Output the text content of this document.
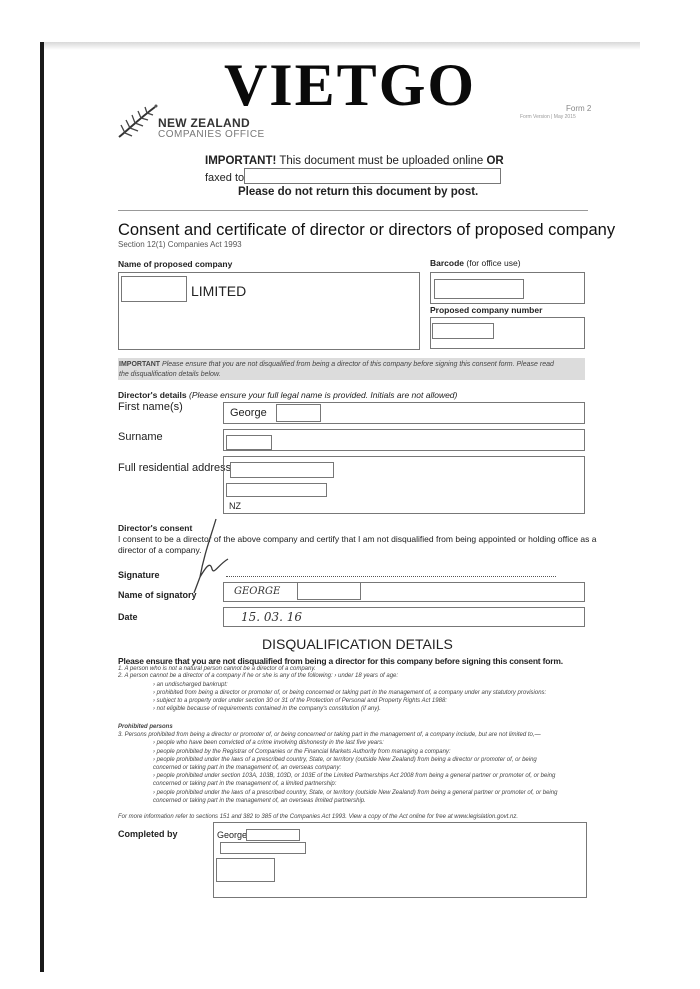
VIETGO
NEW ZEALAND
COMPANIES OFFICE
Form 2
Form Version | May 2015
IMPORTANT! This document must be uploaded online OR
faxed to
Please do not return this document by post.
Consent and certificate of director or directors of proposed company
Section 12(1) Companies Act 1993
Name of proposed company
LIMITED
Barcode (for office use)
Proposed company number
IMPORTANT Please ensure that you are not disqualified from being a director of this company before signing this consent form. Please read
the disqualification details below.
Director's details (Please ensure your full legal name is provided. Initials are not allowed)
First name(s)	George
Surname
Full residential address
NZ
Director's consent
I consent to be a director of the above company and certify that I am not disqualified from being appointed or holding office as a
director of a company.
Signature
Name of signatory	GEORGE
Date	15. 03. 16
DISQUALIFICATION DETAILS
Please ensure that you are not disqualified from being a director for this company before signing this consent form.
1. A person who is not a natural person cannot be a director of a company.
2. A person cannot be a director of a company if he or she is any of the following: › under 18 years of age:
› an undischarged bankrupt:
› prohibited from being a director or promoter of, or being concerned or taking part in the management of, a company under any statutory provisions:
› subject to a property order under section 30 or 31 of the Protection of Personal and Property Rights Act 1988:
› not eligible because of requirements contained in the company's constitution (if any).
Prohibited persons
3. Persons prohibited from being a director or promoter of, or being concerned or taking part in the management of, a company include, but are not limited to,—
› people who have been convicted of a crime involving dishonesty in the last five years:
› people prohibited by the Registrar of Companies or the Financial Markets Authority from managing a company:
› people prohibited under the laws of a prescribed country, State, or territory (outside New Zealand) from being a director or promoter of, or being
concerned or taking part in the management of, an overseas company:
› people prohibited under section 103A, 103B, 103D, or 103E of the Limited Partnerships Act 2008 from being a general partner or promoter of, or being
concerned or taking part in the management of, a limited partnership:
› people prohibited under the laws of a prescribed country, State, or territory (outside New Zealand) from being a general partner or promoter of, or being
concerned or taking part in the management of, an overseas limited partnership.
For more information refer to sections 151 and 382 to 385 of the Companies Act 1993. View a copy of the Act online for free at www.legislation.govt.nz.
Completed by	George
